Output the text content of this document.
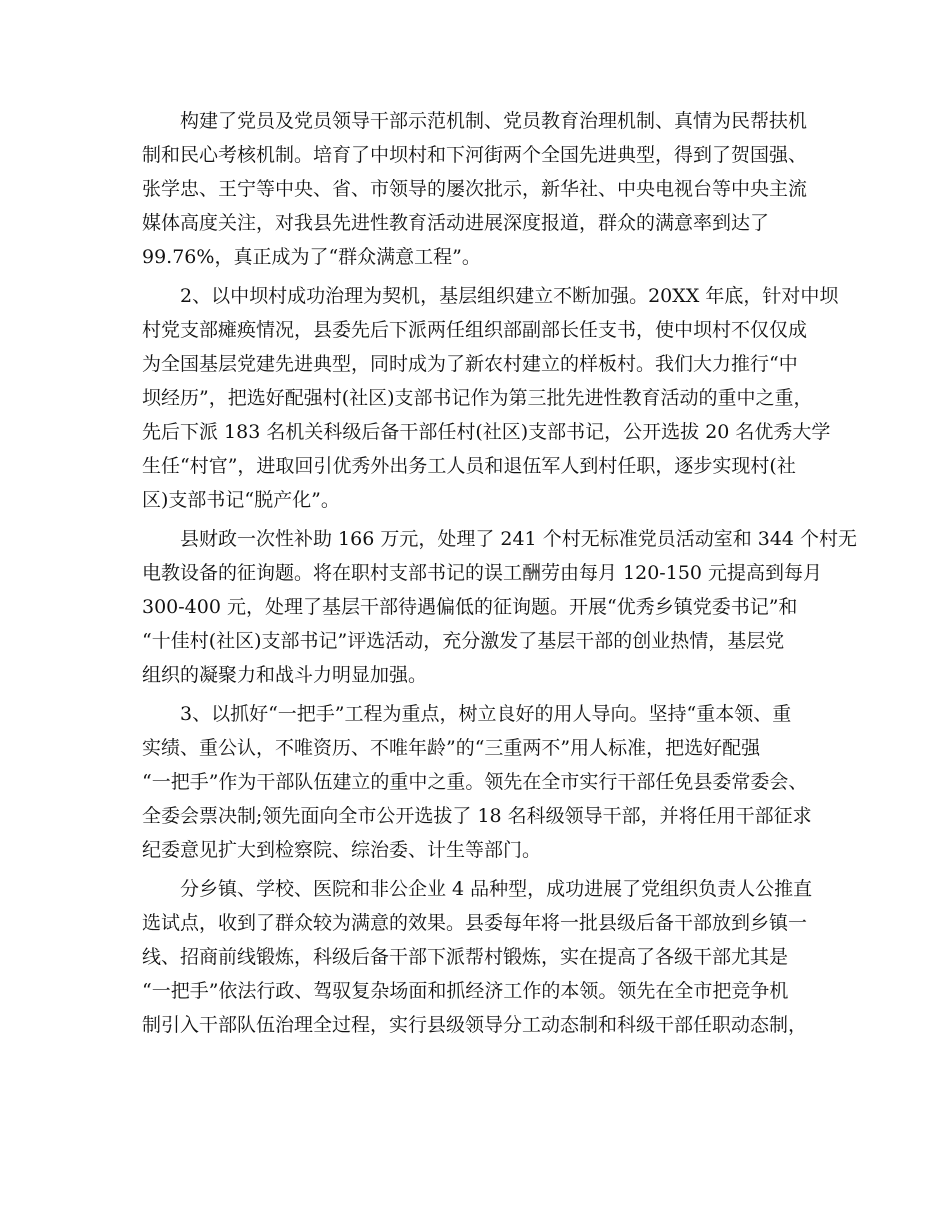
构建了党员及党员领导干部示范机制、党员教育治理机制、真情为民帮扶机
制和民心考核机制。培育了中坝村和下河街两个全国先进典型，得到了贺国强、
张学忠、王宁等中央、省、市领导的屡次批示，新华社、中央电视台等中央主流
媒体高度关注，对我县先进性教育活动进展深度报道，群众的满意率到达了
99.76%，真正成为了“群众满意工程”。
2、以中坝村成功治理为契机，基层组织建立不断加强。20XX 年底，针对中坝
村党支部瘫痪情况，县委先后下派两任组织部副部长任支书，使中坝村不仅仅成
为全国基层党建先进典型，同时成为了新农村建立的样板村。我们大力推行“中
坝经历”，把选好配强村(社区)支部书记作为第三批先进性教育活动的重中之重，
先后下派 183 名机关科级后备干部任村(社区)支部书记，公开选拔 20 名优秀大学
生任“村官”，进取回引优秀外出务工人员和退伍军人到村任职，逐步实现村(社
区)支部书记“脱产化”。
县财政一次性补助 166 万元，处理了 241 个村无标准党员活动室和 344 个村无
电教设备的征询题。将在职村支部书记的误工酬劳由每月 120-150 元提高到每月
300-400 元，处理了基层干部待遇偏低的征询题。开展“优秀乡镇党委书记”和
“十佳村(社区)支部书记”评选活动，充分激发了基层干部的创业热情，基层党
组织的凝聚力和战斗力明显加强。
3、以抓好“一把手”工程为重点，树立良好的用人导向。坚持“重本领、重
实绩、重公认，不唯资历、不唯年龄”的“三重两不”用人标准，把选好配强
“一把手”作为干部队伍建立的重中之重。领先在全市实行干部任免县委常委会、
全委会票决制;领先面向全市公开选拔了 18 名科级领导干部，并将任用干部征求
纪委意见扩大到检察院、综治委、计生等部门。
分乡镇、学校、医院和非公企业 4 品种型，成功进展了党组织负责人公推直
选试点，收到了群众较为满意的效果。县委每年将一批县级后备干部放到乡镇一
线、招商前线锻炼，科级后备干部下派帮村锻炼，实在提高了各级干部尤其是
“一把手”依法行政、驾驭复杂场面和抓经济工作的本领。领先在全市把竞争机
制引入干部队伍治理全过程，实行县级领导分工动态制和科级干部任职动态制，
